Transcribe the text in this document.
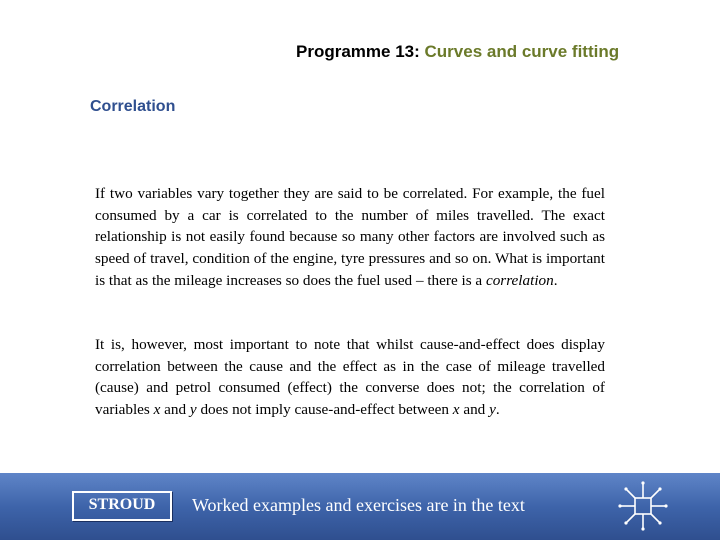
Programme 13: Curves and curve fitting
Correlation

If two variables vary together they are said to be correlated. For example, the fuel consumed by a car is correlated to the number of miles travelled. The exact relationship is not easily found because so many other factors are involved such as speed of travel, condition of the engine, tyre pressures and so on. What is important is that as the mileage increases so does the fuel used – there is a correlation.

It is, however, most important to note that whilst cause-and-effect does display correlation between the cause and the effect as in the case of mileage travelled (cause) and petrol consumed (effect) the converse does not; the correlation of variables x and y does not imply cause-and-effect between x and y.

STROUD	Worked examples and exercises are in the text
